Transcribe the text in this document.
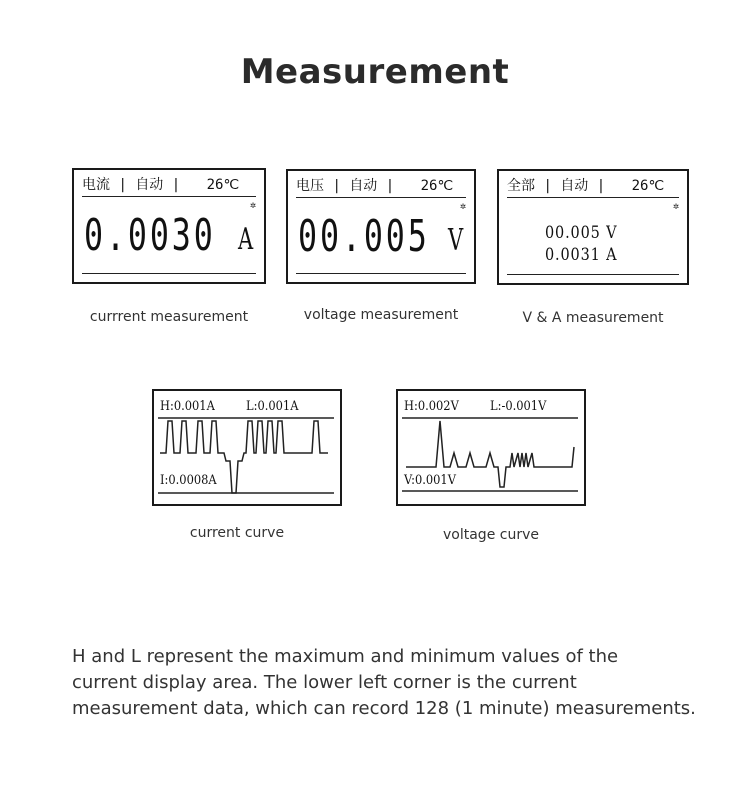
Measurement
电流 | 自动 | 26℃
✲
0.0030 A
currrent measurement
电压 | 自动 | 26℃
✲
00.005 V
voltage measurement
全部 | 自动 | 26℃
✲
00.005 V
0.0031 A
V & A measurement
H:0.001A L:0.001A
I:0.0008A
current curve
H:0.002V L:-0.001V
V:0.001V
voltage curve

H and L represent the maximum and minimum values of the

current display area. The lower left corner is the current

measurement data, which can record 128 (1 minute) measurements.
